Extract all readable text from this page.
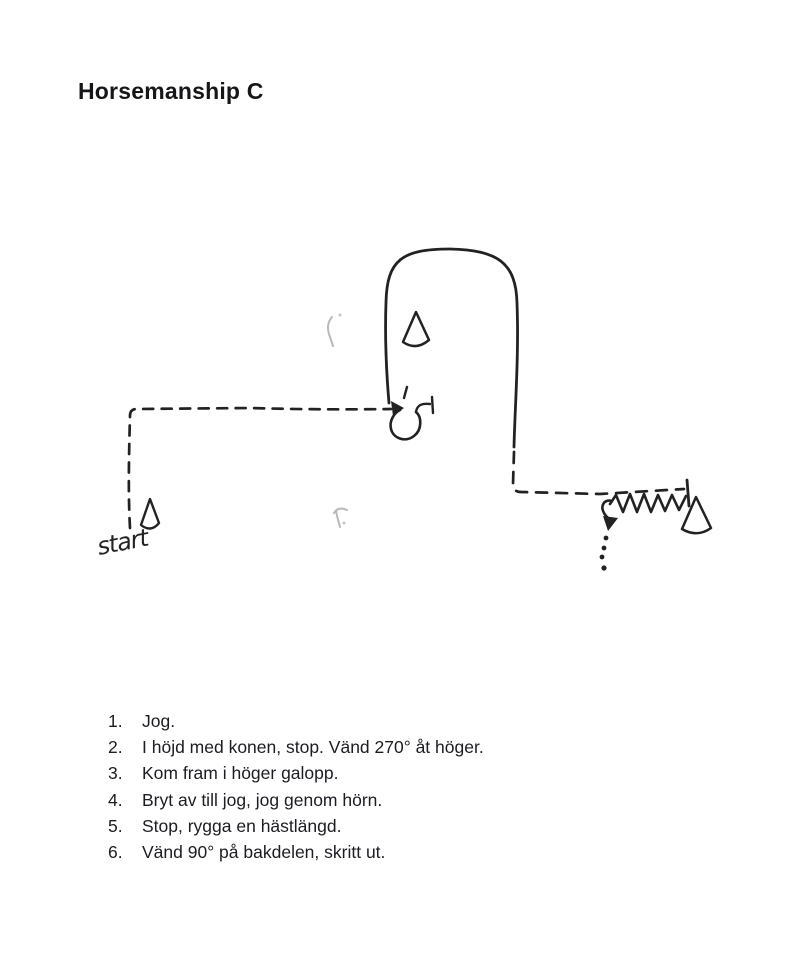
Horsemanship C
start
1.	Jog.
2.	I höjd med konen, stop. Vänd 270° åt höger.
3.	Kom fram i höger galopp.
4.	Bryt av till jog, jog genom hörn.
5.	Stop, rygga en hästlängd.
6.	Vänd 90° på bakdelen, skritt ut.
